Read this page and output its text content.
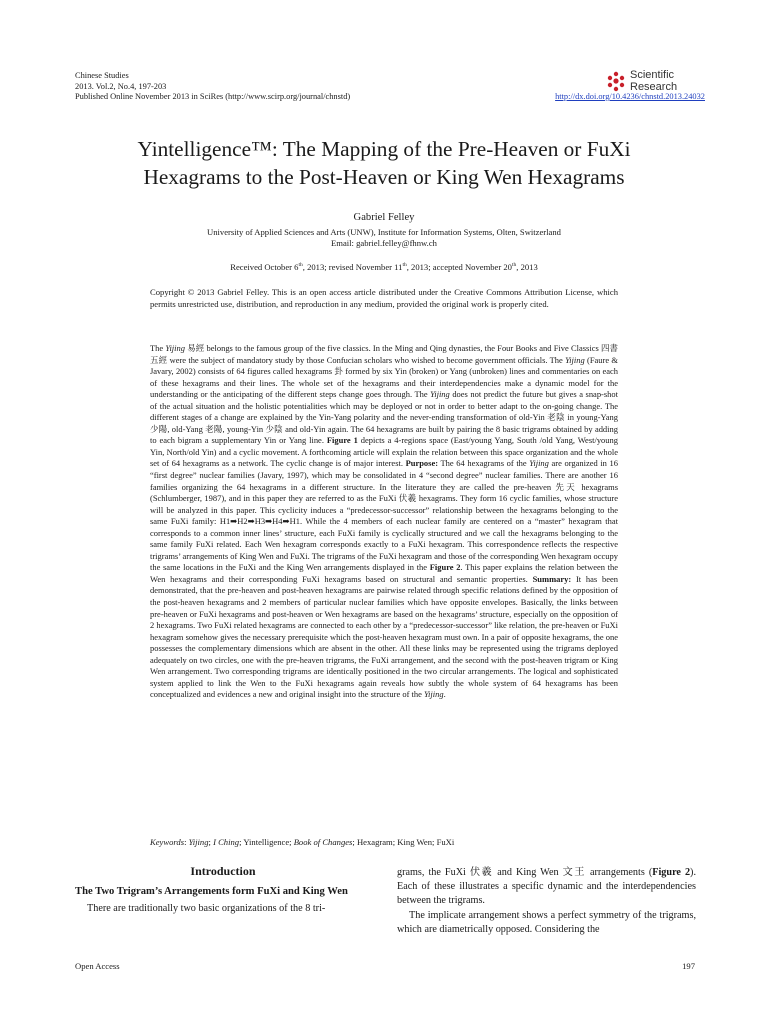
Chinese Studies
2013. Vol.2, No.4, 197-203
Published Online November 2013 in SciRes (http://www.scirp.org/journal/chnstd)	http://dx.doi.org/10.4236/chnstd.2013.24032
Scientific
Research
Yintelligence™: The Mapping of the Pre-Heaven or FuXi
Hexagrams to the Post-Heaven or King Wen Hexagrams
Gabriel Felley
University of Applied Sciences and Arts (UNW), Institute for Information Systems, Olten, Switzerland
Email: gabriel.felley@fhnw.ch
Received October 6th, 2013; revised November 11th, 2013; accepted November 20th, 2013
Copyright © 2013 Gabriel Felley. This is an open access article distributed under the Creative Commons Attribution License, which permits unrestricted use, distribution, and reproduction in any medium, provided the original work is properly cited.

The Yijing 易經 belongs to the famous group of the five classics. In the Ming and Qing dynasties, the Four Books and Five Classics 四書五經 were the subject of mandatory study by those Confucian scholars who wished to become government officials. The Yijing (Faure & Javary, 2002) consists of 64 figures called hexagrams 卦 formed by six Yin (broken) or Yang (unbroken) lines and commentaries on each of these hexagrams and their lines. The whole set of the hexagrams and their interdependencies make a dynamic model for the understanding or the anticipating of the different steps change goes through. The Yijing does not predict the future but gives a snap-shot of the actual situation and the holistic potentialities which may be deployed or not in order to better adapt to the on-going change. The different stages of a change are explained by the Yin-Yang polarity and the never-ending transformation of old-Yin 老陰 in young-Yang 少陽, old-Yang 老陽, young-Yin 少陰 and old-Yin again. The 64 hexagrams are built by pairing the 8 basic trigrams obtained by adding to each bigram a supplementary Yin or Yang line. Figure 1 depicts a 4-regions space (East/young Yang, South /old Yang, West/young Yin, North/old Yin) and a cyclic movement. A forthcoming article will explain the relation between this space organization and the whole set of 64 hexagrams as a network. The cyclic change is of major interest. Purpose: The 64 hexagrams of the Yijing are organized in 16 “first degree” nuclear families (Javary, 1997), which may be consolidated in 4 “second degree” nuclear families. There are another 16 families organizing the 64 hexagrams in a different structure. In the literature they are called the pre-heaven 先天 hexagrams (Schlumberger, 1987), and in this paper they are referred to as the FuXi 伏羲 hexagrams. They form 16 cyclic families, whose structure will be analyzed in this paper. This cyclicity induces a “predecessor-successor” relationship between the hexagrams belonging to the same FuXi family: H1➡H2➡H3➡H4➡H1. While the 4 members of each nuclear family are centered on a “master” hexagram that corresponds to a common inner lines’ structure, each FuXi family is cyclically structured and we call the hexagrams belonging to the same family FuXi related. Each Wen hexagram corresponds exactly to a FuXi hexagram. This correspondence reflects the respective trigrams’ arrangements of King Wen and FuXi. The trigrams of the FuXi hexagram and those of the corresponding Wen hexagram occupy the same locations in the FuXi and the King Wen arrangements displayed in the Figure 2. This paper explains the relation between the Wen hexagrams and their corresponding FuXi hexagrams based on structural and semantic properties. Summary: It has been demonstrated, that the pre-heaven and post-heaven hexagrams are pairwise related through specific relations defined by the opposition of the post-heaven hexagrams and 2 members of particular nuclear families which have opposite envelopes. Basically, the links between pre-heaven or FuXi hexagrams and post-heaven or Wen hexagrams are based on the hexagrams’ structure, especially on the opposition of 2 hexagrams. Two FuXi related hexagrams are connected to each other by a “predecessor-successor” like relation, the pre-heaven or FuXi hexagram somehow gives the necessary prerequisite which the post-heaven hexagram must own. In a pair of opposite hexagrams, the one possesses the complementary dimensions which are absent in the other. All these links may be represented using the trigrams deployed adequately on two circles, one with the pre-heaven trigrams, the FuXi arrangement, and the second with the post-heaven trigram or King Wen arrangement. Two corresponding trigrams are identically positioned in the two circular arrangements. The logical and sophisticated system applied to link the Wen to the FuXi hexagrams again reveals how subtly the whole system of 64 hexagrams has been conceptualized and evidences a new and original insight into the structure of the Yijing.

Keywords: Yijing; I Ching; Yintelligence; Book of Changes; Hexagram; King Wen; FuXi
Introduction
The Two Trigram’s Arrangements form FuXi and King Wen

There are traditionally two basic organizations of the 8 tri-

grams, the FuXi 伏羲 and King Wen 文王 arrangements (Figure 2). Each of these illustrates a specific dynamic and the interdependencies between the trigrams.

The implicate arrangement shows a perfect symmetry of the trigrams, which are diametrically opposed. Considering the

Open Access	197
